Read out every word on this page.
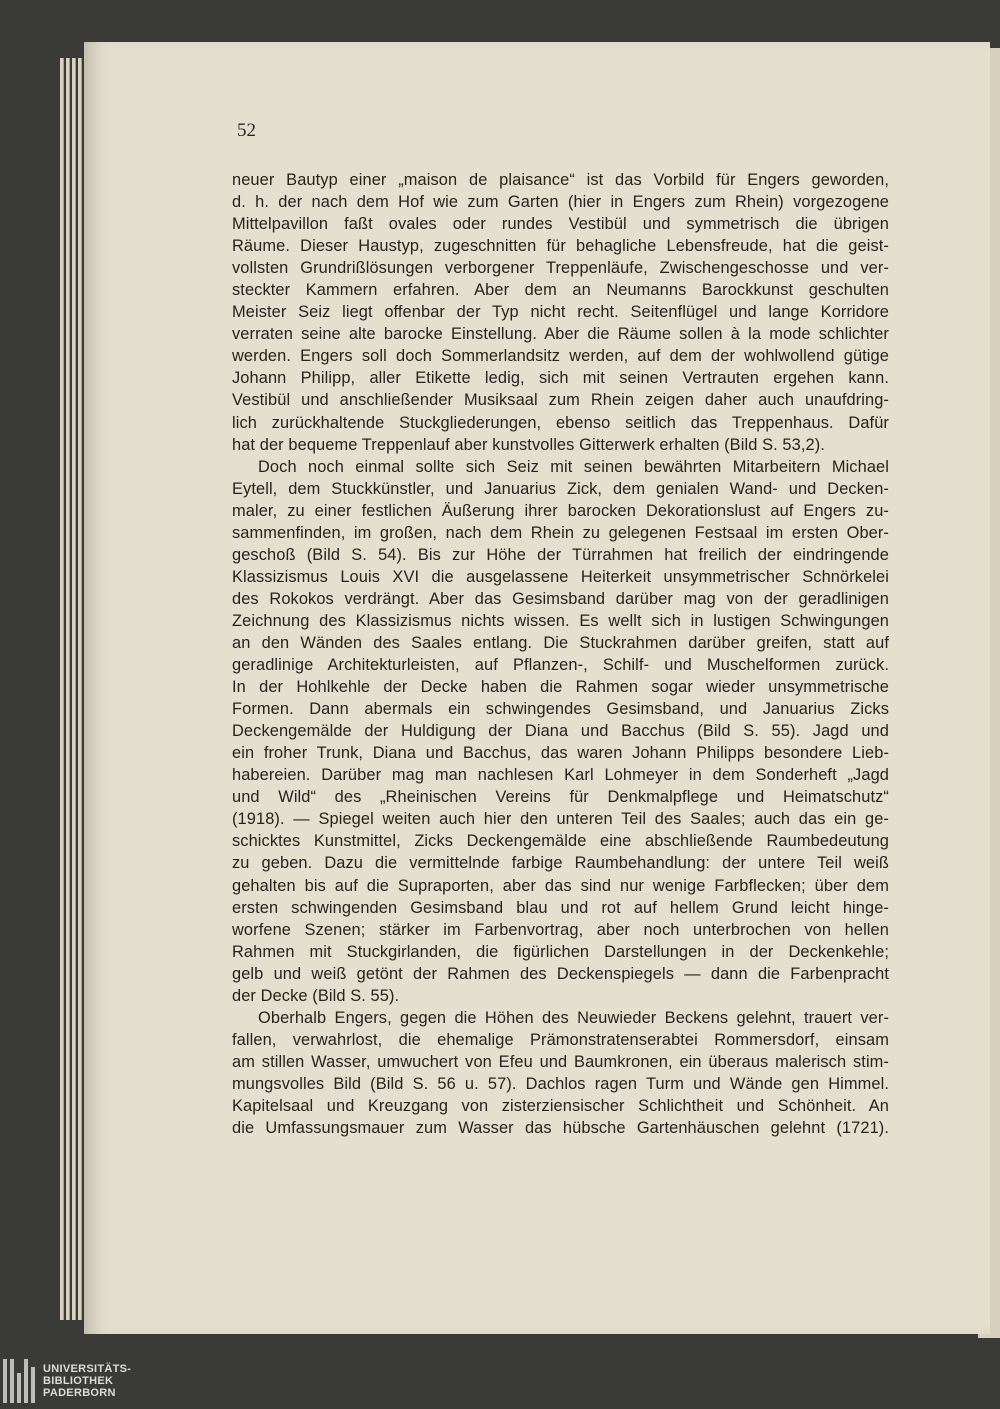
52

neuer Bautyp einer „maison de plaisance“ ist das Vorbild für Engers geworden,
d. h. der nach dem Hof wie zum Garten (hier in Engers zum Rhein) vorgezogene
Mittelpavillon faßt ovales oder rundes Vestibül und symmetrisch die übrigen
Räume. Dieser Haustyp, zugeschnitten für behagliche Lebensfreude, hat die geist-
vollsten Grundrißlösungen verborgener Treppenläufe, Zwischengeschosse und ver-
steckter Kammern erfahren. Aber dem an Neumanns Barockkunst geschulten
Meister Seiz liegt offenbar der Typ nicht recht. Seitenflügel und lange Korridore
verraten seine alte barocke Einstellung. Aber die Räume sollen à la mode schlichter
werden. Engers soll doch Sommerlandsitz werden, auf dem der wohlwollend gütige
Johann Philipp, aller Etikette ledig, sich mit seinen Vertrauten ergehen kann.
Vestibül und anschließender Musiksaal zum Rhein zeigen daher auch unaufdring-
lich zurückhaltende Stuckgliederungen, ebenso seitlich das Treppenhaus. Dafür
hat der bequeme Treppenlauf aber kunstvolles Gitterwerk erhalten (Bild S. 53,2).
Doch noch einmal sollte sich Seiz mit seinen bewährten Mitarbeitern Michael
Eytell, dem Stuckkünstler, und Januarius Zick, dem genialen Wand- und Decken-
maler, zu einer festlichen Äußerung ihrer barocken Dekorationslust auf Engers zu-
sammenfinden, im großen, nach dem Rhein zu gelegenen Festsaal im ersten Ober-
geschoß (Bild S. 54). Bis zur Höhe der Türrahmen hat freilich der eindringende
Klassizismus Louis XVI die ausgelassene Heiterkeit unsymmetrischer Schnörkelei
des Rokokos verdrängt. Aber das Gesimsband darüber mag von der geradlinigen
Zeichnung des Klassizismus nichts wissen. Es wellt sich in lustigen Schwingungen
an den Wänden des Saales entlang. Die Stuckrahmen darüber greifen, statt auf
geradlinige Architekturleisten, auf Pflanzen-, Schilf- und Muschelformen zurück.
In der Hohlkehle der Decke haben die Rahmen sogar wieder unsymmetrische
Formen. Dann abermals ein schwingendes Gesimsband, und Januarius Zicks
Deckengemälde der Huldigung der Diana und Bacchus (Bild S. 55). Jagd und
ein froher Trunk, Diana und Bacchus, das waren Johann Philipps besondere Lieb-
habereien. Darüber mag man nachlesen Karl Lohmeyer in dem Sonderheft „Jagd
und Wild“ des „Rheinischen Vereins für Denkmalpflege und Heimatschutz“
(1918). — Spiegel weiten auch hier den unteren Teil des Saales; auch das ein ge-
schicktes Kunstmittel, Zicks Deckengemälde eine abschließende Raumbedeutung
zu geben. Dazu die vermittelnde farbige Raumbehandlung: der untere Teil weiß
gehalten bis auf die Supraporten, aber das sind nur wenige Farbflecken; über dem
ersten schwingenden Gesimsband blau und rot auf hellem Grund leicht hinge-
worfene Szenen; stärker im Farbenvortrag, aber noch unterbrochen von hellen
Rahmen mit Stuckgirlanden, die figürlichen Darstellungen in der Deckenkehle;
gelb und weiß getönt der Rahmen des Deckenspiegels — dann die Farbenpracht
der Decke (Bild S. 55).
Oberhalb Engers, gegen die Höhen des Neuwieder Beckens gelehnt, trauert ver-
fallen, verwahrlost, die ehemalige Prämonstratenserabtei Rommersdorf, einsam
am stillen Wasser, umwuchert von Efeu und Baumkronen, ein überaus malerisch stim-
mungsvolles Bild (Bild S. 56 u. 57). Dachlos ragen Turm und Wände gen Himmel.
Kapitelsaal und Kreuzgang von zisterziensischer Schlichtheit und Schönheit. An
die Umfassungsmauer zum Wasser das hübsche Gartenhäuschen gelehnt (1721).
UNIVERSITÄTS-
BIBLIOTHEK
PADERBORN
